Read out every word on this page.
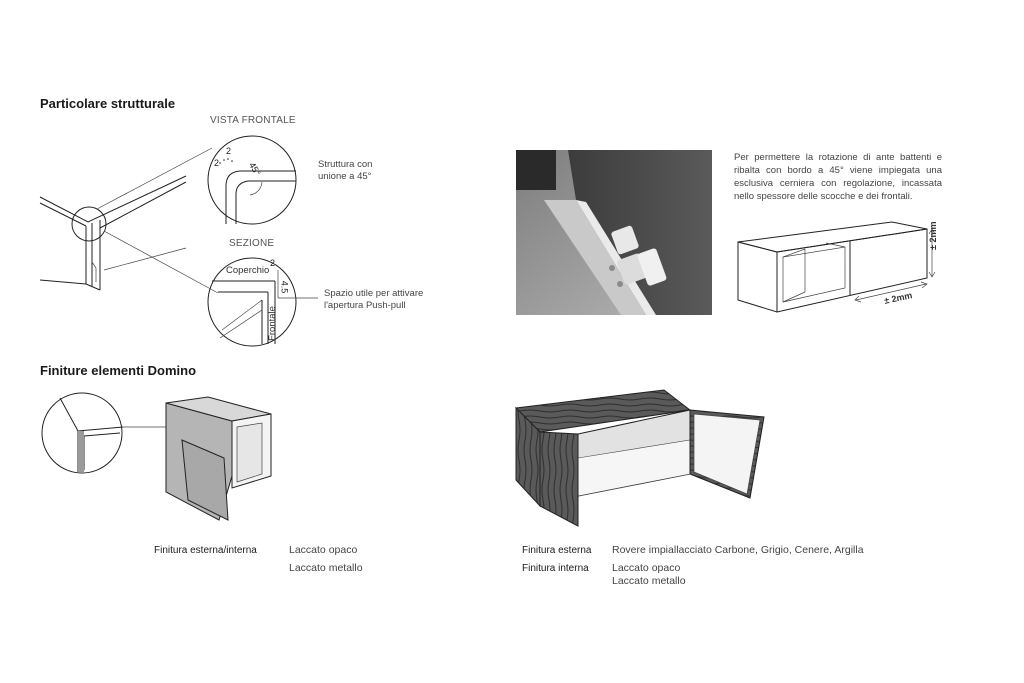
Particolare strutturale
Finiture elementi Domino
VISTA FRONTALE
SEZIONE
2
2
45°
2
4.5
Coperchio
Frontale
Struttura con
unione a 45°
Spazio utile per attivare
l'apertura Push-pull
Per permettere la rotazione di ante battenti e ribalta con bordo a 45° viene impiegata una esclusiva cerniera con regolazione, incassata nello spessore delle scocche e dei frontali.
± 2mm
± 2mm
Finitura esterna/interna	Laccato opaco
Laccato metallo
Finitura esterna Rovere impiallacciato Carbone, Grigio, Cenere, Argilla
Finitura interna Laccato opaco
Laccato metallo
